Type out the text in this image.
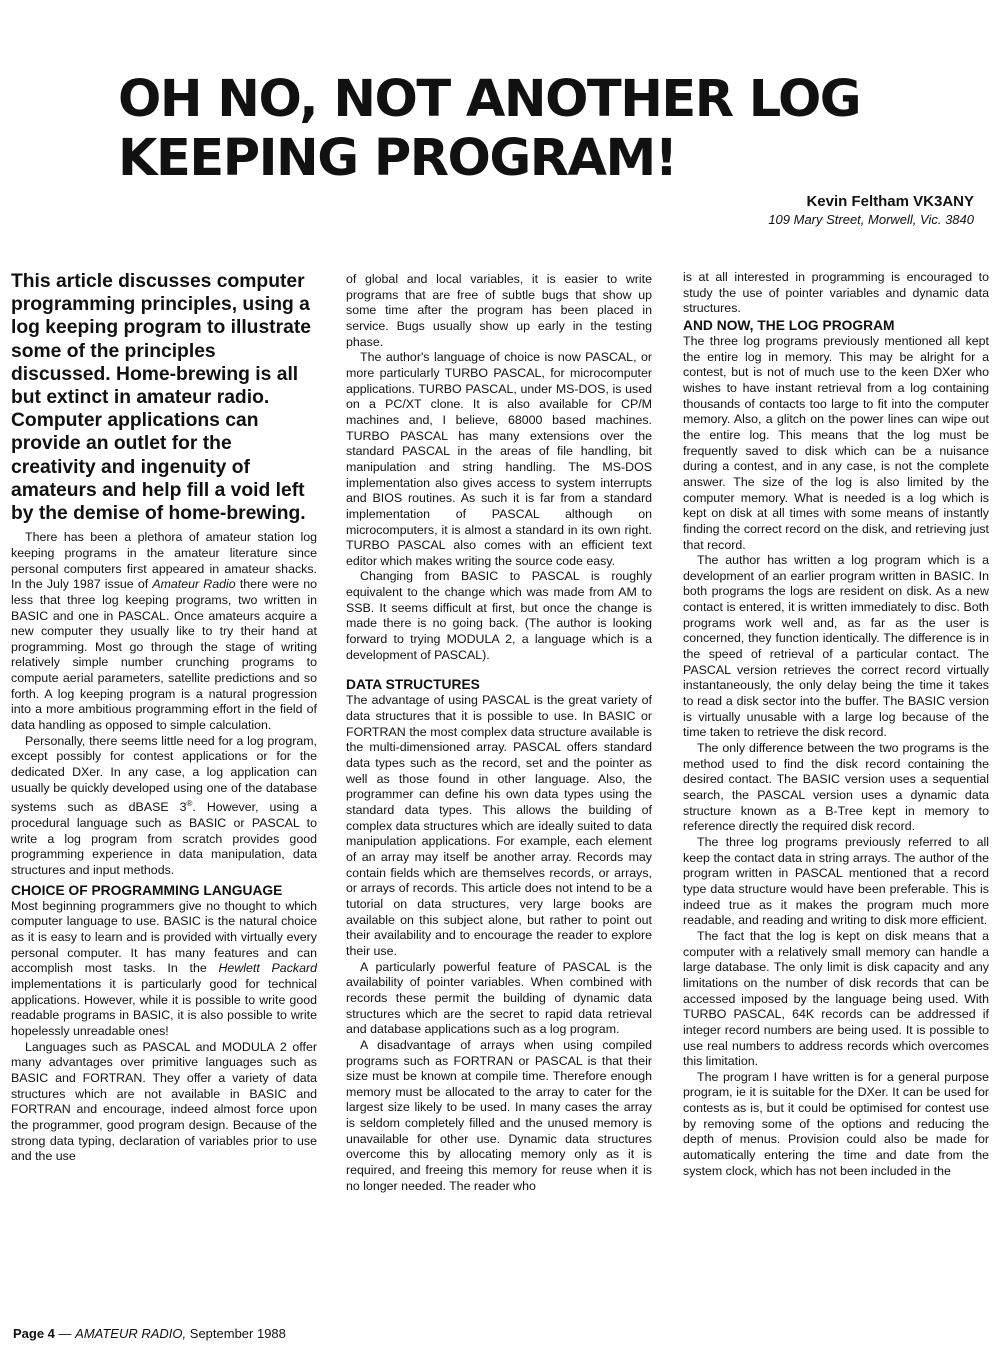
OH NO, NOT ANOTHER LOG KEEPING PROGRAM!
Kevin Feltham VK3ANY
109 Mary Street, Morwell, Vic. 3840
This article discusses computer programming principles, using a log keeping program to illustrate some of the principles discussed. Home-brewing is all but extinct in amateur radio. Computer applications can provide an outlet for the creativity and ingenuity of amateurs and help fill a void left by the demise of home-brewing.

There has been a plethora of amateur station log keeping programs in the amateur literature since personal computers first appeared in amateur shacks. In the July 1987 issue of Amateur Radio there were no less that three log keeping programs, two written in BASIC and one in PASCAL. Once amateurs acquire a new computer they usually like to try their hand at programming. Most go through the stage of writing relatively simple number crunching programs to compute aerial parameters, satellite predictions and so forth. A log keeping program is a natural progression into a more ambitious programming effort in the field of data handling as opposed to simple calculation.

Personally, there seems little need for a log program, except possibly for contest applications or for the dedicated DXer. In any case, a log application can usually be quickly developed using one of the database systems such as dBASE 3®. However, using a procedural language such as BASIC or PASCAL to write a log program from scratch provides good programming experience in data manipulation, data structures and input methods.

CHOICE OF PROGRAMMING LANGUAGE

Most beginning programmers give no thought to which computer language to use. BASIC is the natural choice as it is easy to learn and is provided with virtually every personal computer. It has many features and can accomplish most tasks. In the Hewlett Packard implementations it is particularly good for technical applications. However, while it is possible to write good readable programs in BASIC, it is also possible to write hopelessly unreadable ones!

Languages such as PASCAL and MODULA 2 offer many advantages over primitive languages such as BASIC and FORTRAN. They offer a variety of data structures which are not available in BASIC and FORTRAN and encourage, indeed almost force upon the programmer, good program design. Because of the strong data typing, declaration of variables prior to use and the use

of global and local variables, it is easier to write programs that are free of subtle bugs that show up some time after the program has been placed in service. Bugs usually show up early in the testing phase.

The author's language of choice is now PASCAL, or more particularly TURBO PASCAL, for microcomputer applications. TURBO PASCAL, under MS-DOS, is used on a PC/XT clone. It is also available for CP/M machines and, I believe, 68000 based machines. TURBO PASCAL has many extensions over the standard PASCAL in the areas of file handling, bit manipulation and string handling. The MS-DOS implementation also gives access to system interrupts and BIOS routines. As such it is far from a standard implementation of PASCAL although on microcomputers, it is almost a standard in its own right. TURBO PASCAL also comes with an efficient text editor which makes writing the source code easy.

Changing from BASIC to PASCAL is roughly equivalent to the change which was made from AM to SSB. It seems difficult at first, but once the change is made there is no going back. (The author is looking forward to trying MODULA 2, a language which is a development of PASCAL).

DATA STRUCTURES

The advantage of using PASCAL is the great variety of data structures that it is possible to use. In BASIC or FORTRAN the most complex data structure available is the multi-dimensioned array. PASCAL offers standard data types such as the record, set and the pointer as well as those found in other language. Also, the programmer can define his own data types using the standard data types. This allows the building of complex data structures which are ideally suited to data manipulation applications. For example, each element of an array may itself be another array. Records may contain fields which are themselves records, or arrays, or arrays of records. This article does not intend to be a tutorial on data structures, very large books are available on this subject alone, but rather to point out their availability and to encourage the reader to explore their use.

A particularly powerful feature of PASCAL is the availability of pointer variables. When combined with records these permit the building of dynamic data structures which are the secret to rapid data retrieval and database applications such as a log program.

A disadvantage of arrays when using compiled programs such as FORTRAN or PASCAL is that their size must be known at compile time. Therefore enough memory must be allocated to the array to cater for the largest size likely to be used. In many cases the array is seldom completely filled and the unused memory is unavailable for other use. Dynamic data structures overcome this by allocating memory only as it is required, and freeing this memory for reuse when it is no longer needed. The reader who

is at all interested in programming is encouraged to study the use of pointer variables and dynamic data structures.

AND NOW, THE LOG PROGRAM

The three log programs previously mentioned all kept the entire log in memory. This may be alright for a contest, but is not of much use to the keen DXer who wishes to have instant retrieval from a log containing thousands of contacts too large to fit into the computer memory. Also, a glitch on the power lines can wipe out the entire log. This means that the log must be frequently saved to disk which can be a nuisance during a contest, and in any case, is not the complete answer. The size of the log is also limited by the computer memory. What is needed is a log which is kept on disk at all times with some means of instantly finding the correct record on the disk, and retrieving just that record.

The author has written a log program which is a development of an earlier program written in BASIC. In both programs the logs are resident on disk. As a new contact is entered, it is written immediately to disc. Both programs work well and, as far as the user is concerned, they function identically. The difference is in the speed of retrieval of a particular contact. The PASCAL version retrieves the correct record virtually instantaneously, the only delay being the time it takes to read a disk sector into the buffer. The BASIC version is virtually unusable with a large log because of the time taken to retrieve the disk record.

The only difference between the two programs is the method used to find the disk record containing the desired contact. The BASIC version uses a sequential search, the PASCAL version uses a dynamic data structure known as a B-Tree kept in memory to reference directly the required disk record.

The three log programs previously referred to all keep the contact data in string arrays. The author of the program written in PASCAL mentioned that a record type data structure would have been preferable. This is indeed true as it makes the program much more readable, and reading and writing to disk more efficient.

The fact that the log is kept on disk means that a computer with a relatively small memory can handle a large database. The only limit is disk capacity and any limitations on the number of disk records that can be accessed imposed by the language being used. With TURBO PASCAL, 64K records can be addressed if integer record numbers are being used. It is possible to use real numbers to address records which overcomes this limitation.

The program I have written is for a general purpose program, ie it is suitable for the DXer. It can be used for contests as is, but it could be optimised for contest use by removing some of the options and reducing the depth of menus. Provision could also be made for automatically entering the time and date from the system clock, which has not been included in the

Page 4 — AMATEUR RADIO, September 1988
